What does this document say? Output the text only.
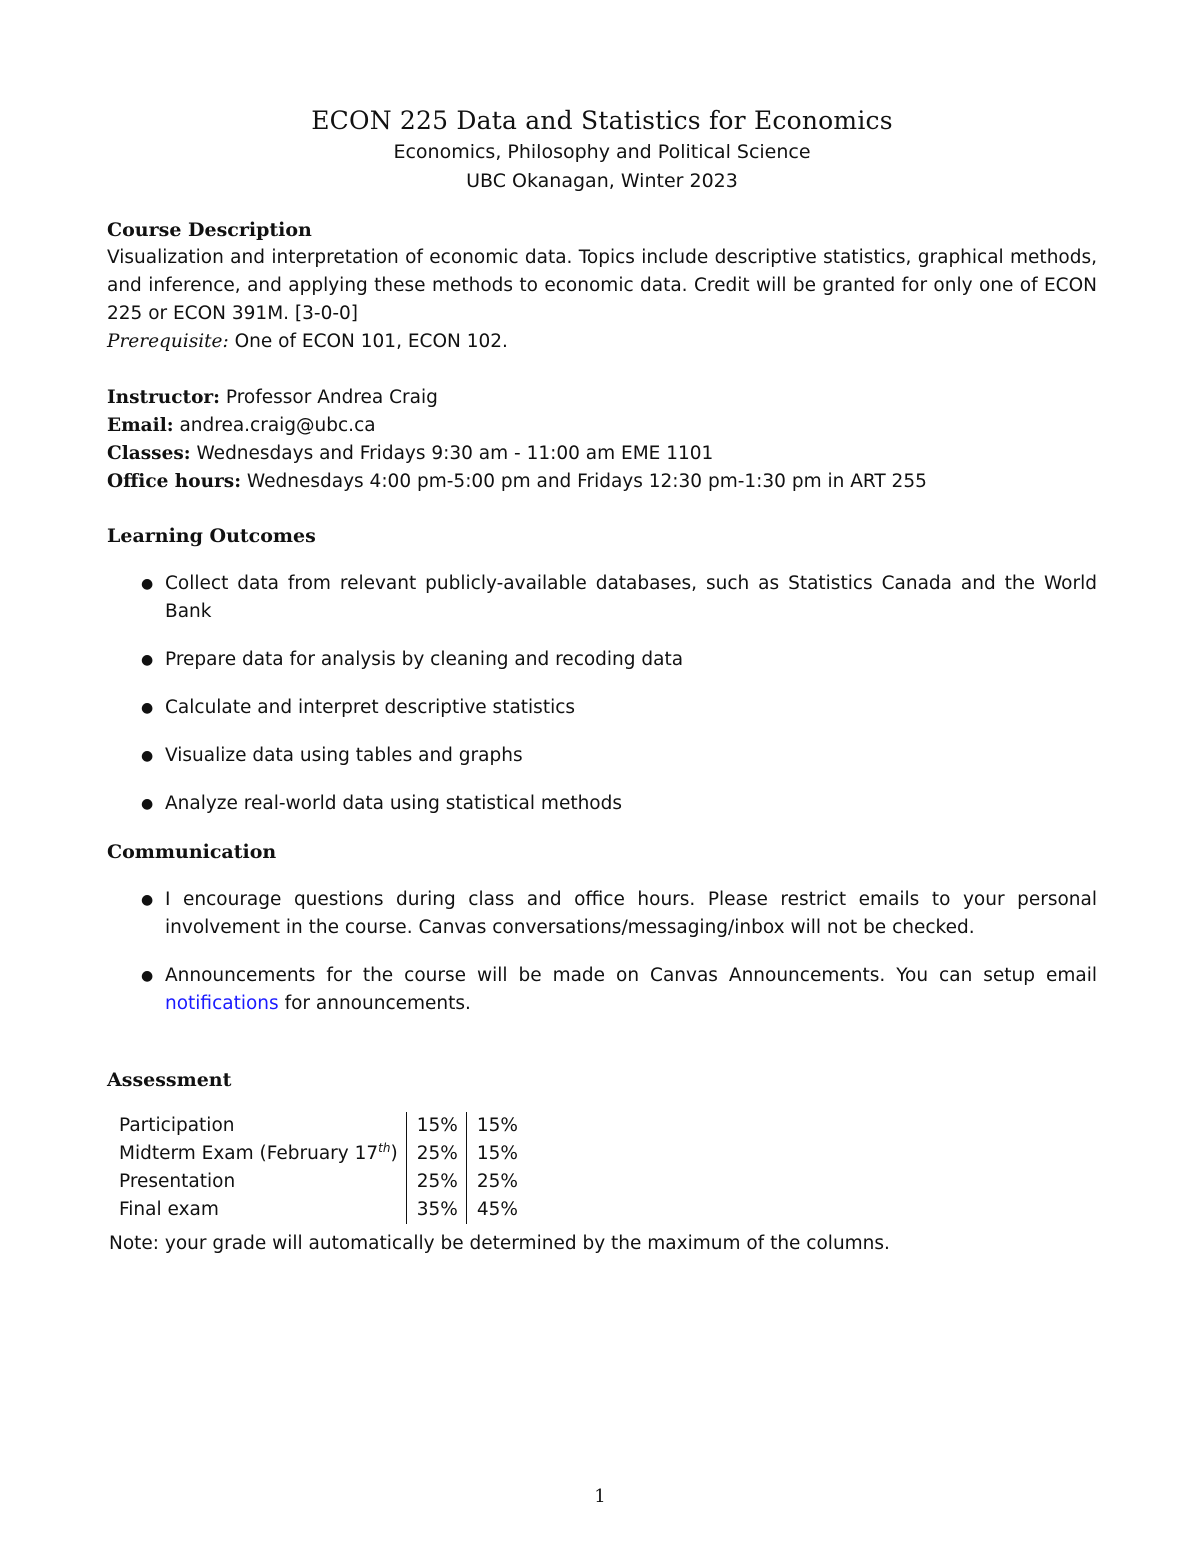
ECON 225 Data and Statistics for Economics

Economics, Philosophy and Political Science

UBC Okanagan, Winter 2023

Course Description

Visualization and interpretation of economic data. Topics include descriptive statistics, graphical methods, and inference, and applying these methods to economic data. Credit will be granted for only one of ECON 225 or ECON 391M. [3-0-0]

Prerequisite: One of ECON 101, ECON 102.

Instructor: Professor Andrea Craig

Email: andrea.craig@ubc.ca

Classes: Wednesdays and Fridays 9:30 am - 11:00 am EME 1101

Office hours: Wednesdays 4:00 pm-5:00 pm and Fridays 12:30 pm-1:30 pm in ART 255

Learning Outcomes
● Collect data from relevant publicly-available databases, such as Statistics Canada and the World Bank
● Prepare data for analysis by cleaning and recoding data
● Calculate and interpret descriptive statistics
● Visualize data using tables and graphs
● Analyze real-world data using statistical methods
Communication
● I encourage questions during class and office hours. Please restrict emails to your personal involvement in the course. Canvas conversations/messaging/inbox will not be checked.
● Announcements for the course will be made on Canvas Announcements. You can setup email notifications for announcements.
Assessment
Participation	15%	15%
Midterm Exam (February 17th)	25%	15%
Presentation	25%	25%
Final exam	35%	45%

Note: your grade will automatically be determined by the maximum of the columns.

1
